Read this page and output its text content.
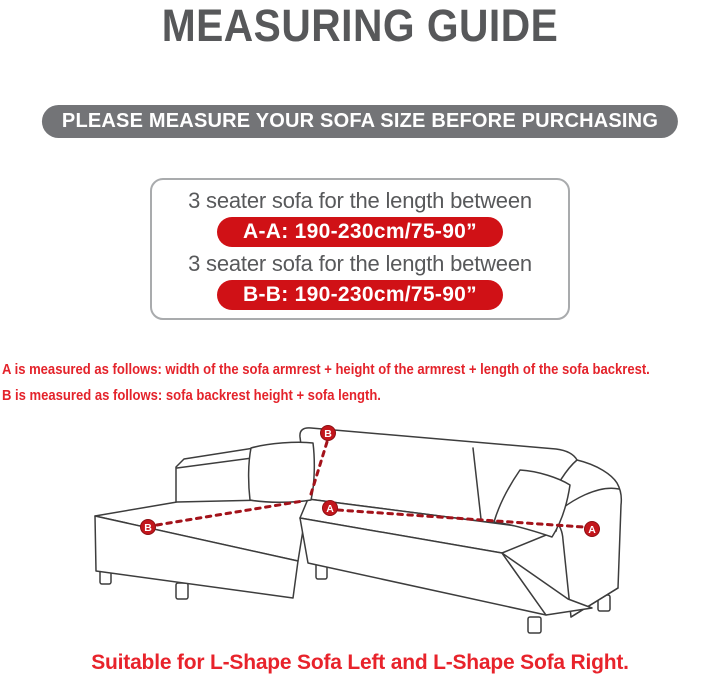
MEASURING GUIDE
PLEASE MEASURE YOUR SOFA SIZE BEFORE PURCHASING
3 seater sofa for the length between
A-A: 190-230cm/75-90”
3 seater sofa for the length between
B-B: 190-230cm/75-90”
A is measured as follows: width of the sofa armrest + height of the armrest + length of the sofa backrest.
B is measured as follows: sofa backrest height + sofa length.
B
B
A
A
Suitable for L-Shape Sofa Left and L-Shape Sofa Right.
